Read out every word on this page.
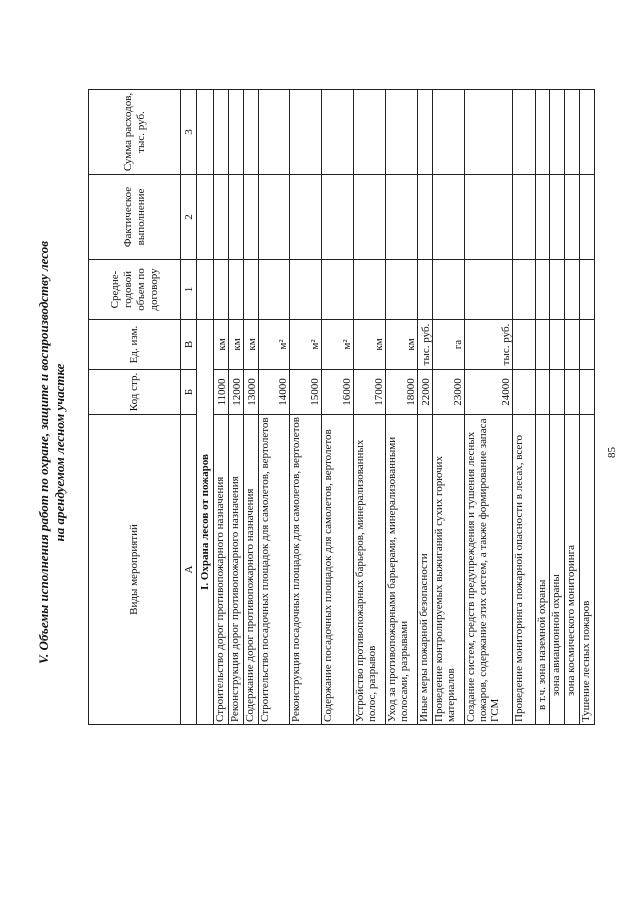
V. Объемы исполнения работ по охране, защите и воспроизводству лесов на арендуемом лесном участке
Виды мероприятий	Код стр.	Ед. изм.	Средне-годовой объем по договору	Фактическое выполнение	Сумма расходов, тыс. руб.
А	Б	В	1	2	3
I. Охрана лесов от пожаров					
Строительство дорог противопожарного назначения	11000	км			
Реконструкция дорог противопожарного назначения	12000	км			
Содержание дорог противопожарного назначения	13000	км			
Строительство посадочных площадок для самолетов, вертолетов	14000	м²			
Реконструкция посадочных площадок для самолетов, вертолетов	15000	м²			
Содержание посадочных площадок для самолетов, вертолетов	16000	м²			
Устройство противопожарных барьеров, минерализованных полос, разрывов	17000	км			
Уход за противопожарными барьерами, минерализованными полосами, разрывами	18000	км			
Иные меры пожарной безопасности	22000	тыс. руб.			
Проведение контролируемых выжиганий сухих горючих материалов	23000	га			
Создание систем, средств предупреждения и тушения лесных пожаров, содержание этих систем, а также формирование запаса ГСМ	24000	тыс. руб.			
Проведение мониторинга пожарной опасности в лесах, всего					
в т.ч. зона наземной охраны					
зона авиационной охраны					
зона космического мониторинга					
Тушение лесных пожаров					
85
